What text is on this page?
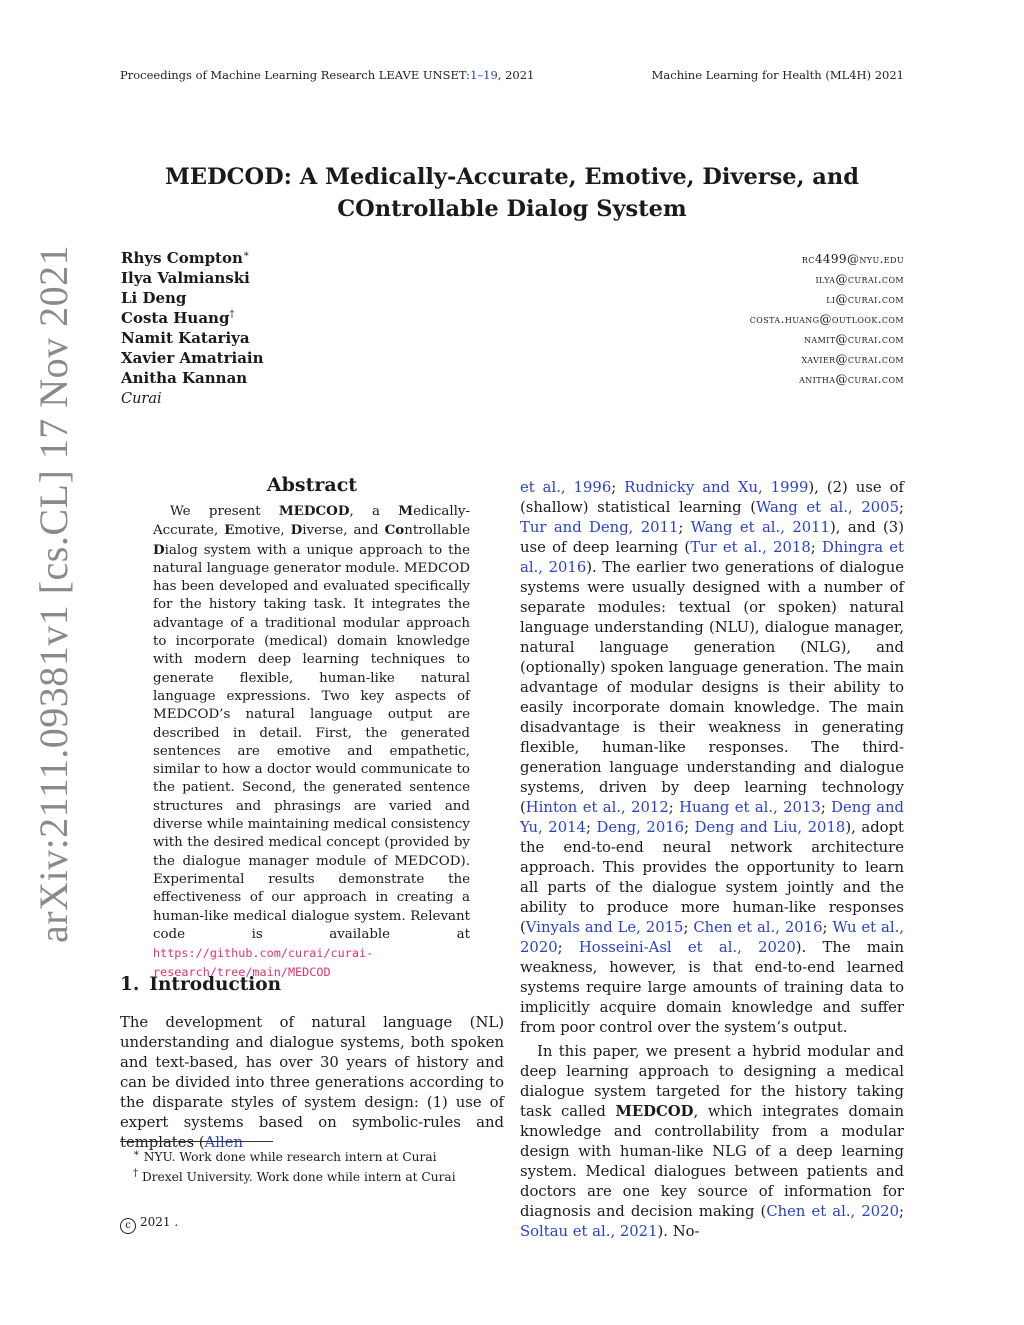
Proceedings of Machine Learning Research LEAVE UNSET:1–19, 2021	Machine Learning for Health (ML4H) 2021
MEDCOD: A Medically-Accurate, Emotive, Diverse, and
COntrollable Dialog System
Rhys Compton∗	rc4499@nyu.edu
Ilya Valmianski	ilya@curai.com
Li Deng	li@curai.com
Costa Huang†	costa.huang@outlook.com
Namit Katariya	namit@curai.com
Xavier Amatriain	xavier@curai.com
Anitha Kannan	anitha@curai.com
Curai
arXiv:2111.09381v1 [cs.CL] 17 Nov 2021	Abstract
We present MEDCOD, a Medically-Accurate, Emotive, Diverse, and Controllable Dialog system with a unique approach to the natural language generator module. MEDCOD has been developed and evaluated specifically for the history taking task. It integrates the advantage of a traditional modular approach to incorporate (medical) domain knowledge with modern deep learning techniques to generate flexible, human-like natural language expressions. Two key aspects of MEDCOD’s natural language output are described in detail. First, the generated sentences are emotive and empathetic, similar to how a doctor would communicate to the patient. Second, the generated sentence structures and phrasings are varied and diverse while maintaining medical consistency with the desired medical concept (provided by the dialogue manager module of MEDCOD). Experimental results demonstrate the effectiveness of our approach in creating a human-like medical dialogue system. Relevant code is available at https://github.com/curai/curai-research/tree/main/MEDCOD
1. Introduction
The development of natural language (NL) understanding and dialogue systems, both spoken and text-based, has over 30 years of history and can be divided into three generations according to the disparate styles of system design: (1) use of expert systems based on symbolic-rules and templates (Allen

et al., 1996; Rudnicky and Xu, 1999), (2) use of (shallow) statistical learning (Wang et al., 2005; Tur and Deng, 2011; Wang et al., 2011), and (3) use of deep learning (Tur et al., 2018; Dhingra et al., 2016). The earlier two generations of dialogue systems were usually designed with a number of separate modules: textual (or spoken) natural language understanding (NLU), dialogue manager, natural language generation (NLG), and (optionally) spoken language generation. The main advantage of modular designs is their ability to easily incorporate domain knowledge. The main disadvantage is their weakness in generating flexible, human-like responses. The third-generation language understanding and dialogue systems, driven by deep learning technology (Hinton et al., 2012; Huang et al., 2013; Deng and Yu, 2014; Deng, 2016; Deng and Liu, 2018), adopt the end-to-end neural network architecture approach. This provides the opportunity to learn all parts of the dialogue system jointly and the ability to produce more human-like responses (Vinyals and Le, 2015; Chen et al., 2016; Wu et al., 2020; Hosseini-Asl et al., 2020). The main weakness, however, is that end-to-end learned systems require large amounts of training data to implicitly acquire domain knowledge and suffer from poor control over the system’s output.

In this paper, we present a hybrid modular and deep learning approach to designing a medical dialogue system targeted for the history taking task called MEDCOD, which integrates domain knowledge and controllability from a modular design with human-like NLG of a deep learning system. Medical dialogues between patients and doctors are one key source of information for diagnosis and decision making (Chen et al., 2020; Soltau et al., 2021). No-

∗ NYU. Work done while research intern at Curai
† Drexel University. Work done while intern at Curai
c 2021 .
